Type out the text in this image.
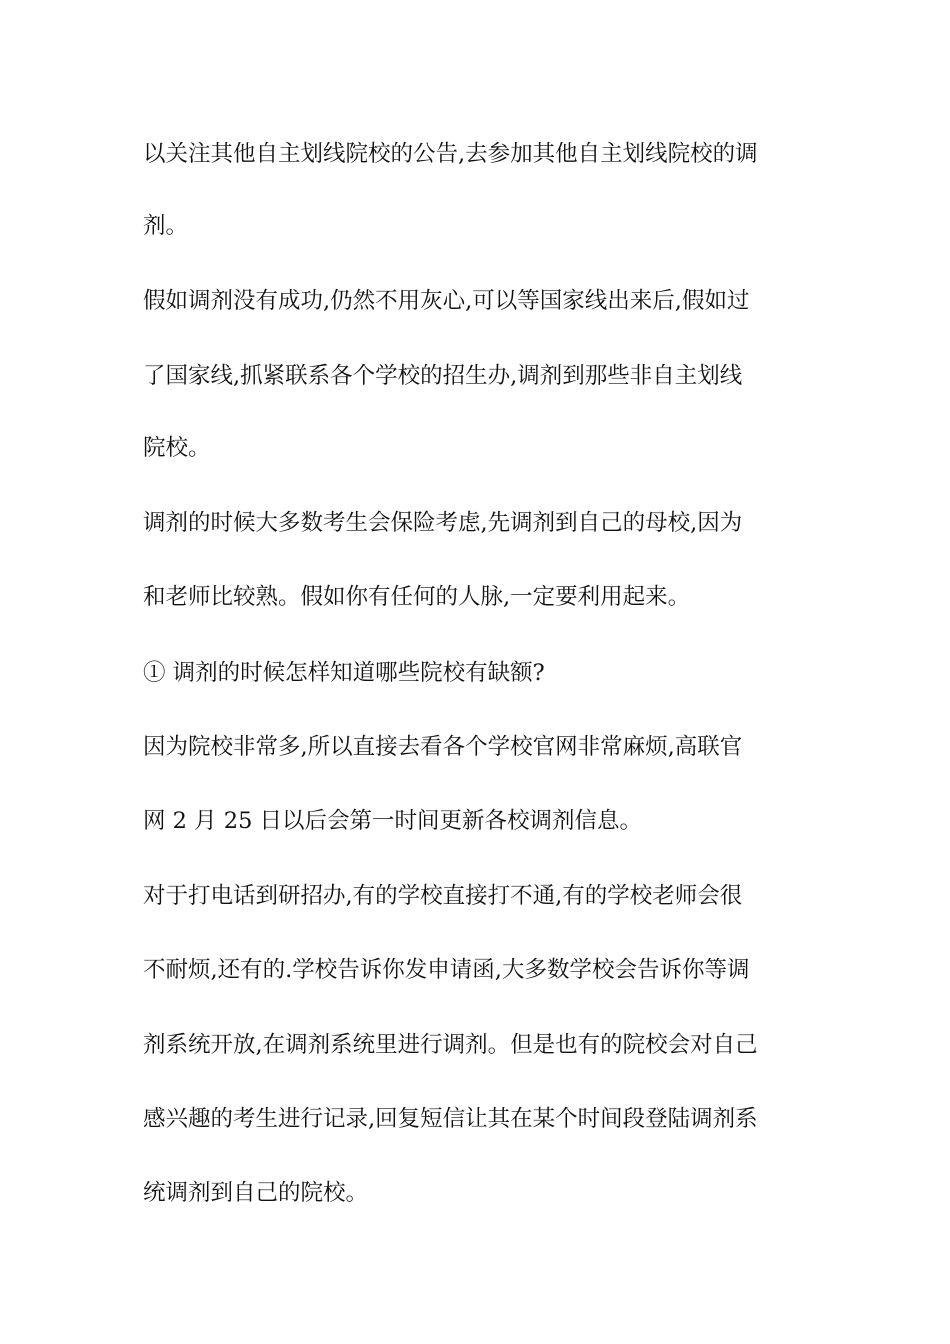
以关注其他自主划线院校的公告,去参加其他自主划线院校的调
剂。
假如调剂没有成功,仍然不用灰心,可以等国家线出来后,假如过
了国家线,抓紧联系各个学校的招生办,调剂到那些非自主划线
院校。
调剂的时候大多数考生会保险考虑,先调剂到自己的母校,因为
和老师比较熟。假如你有任何的人脉,一定要利用起来。
① 调剂的时候怎样知道哪些院校有缺额?
因为院校非常多,所以直接去看各个学校官网非常麻烦,高联官
网 2 月 25 日以后会第一时间更新各校调剂信息。
对于打电话到研招办,有的学校直接打不通,有的学校老师会很
不耐烦,还有的.学校告诉你发申请函,大多数学校会告诉你等调
剂系统开放,在调剂系统里进行调剂。但是也有的院校会对自己
感兴趣的考生进行记录,回复短信让其在某个时间段登陆调剂系
统调剂到自己的院校。
